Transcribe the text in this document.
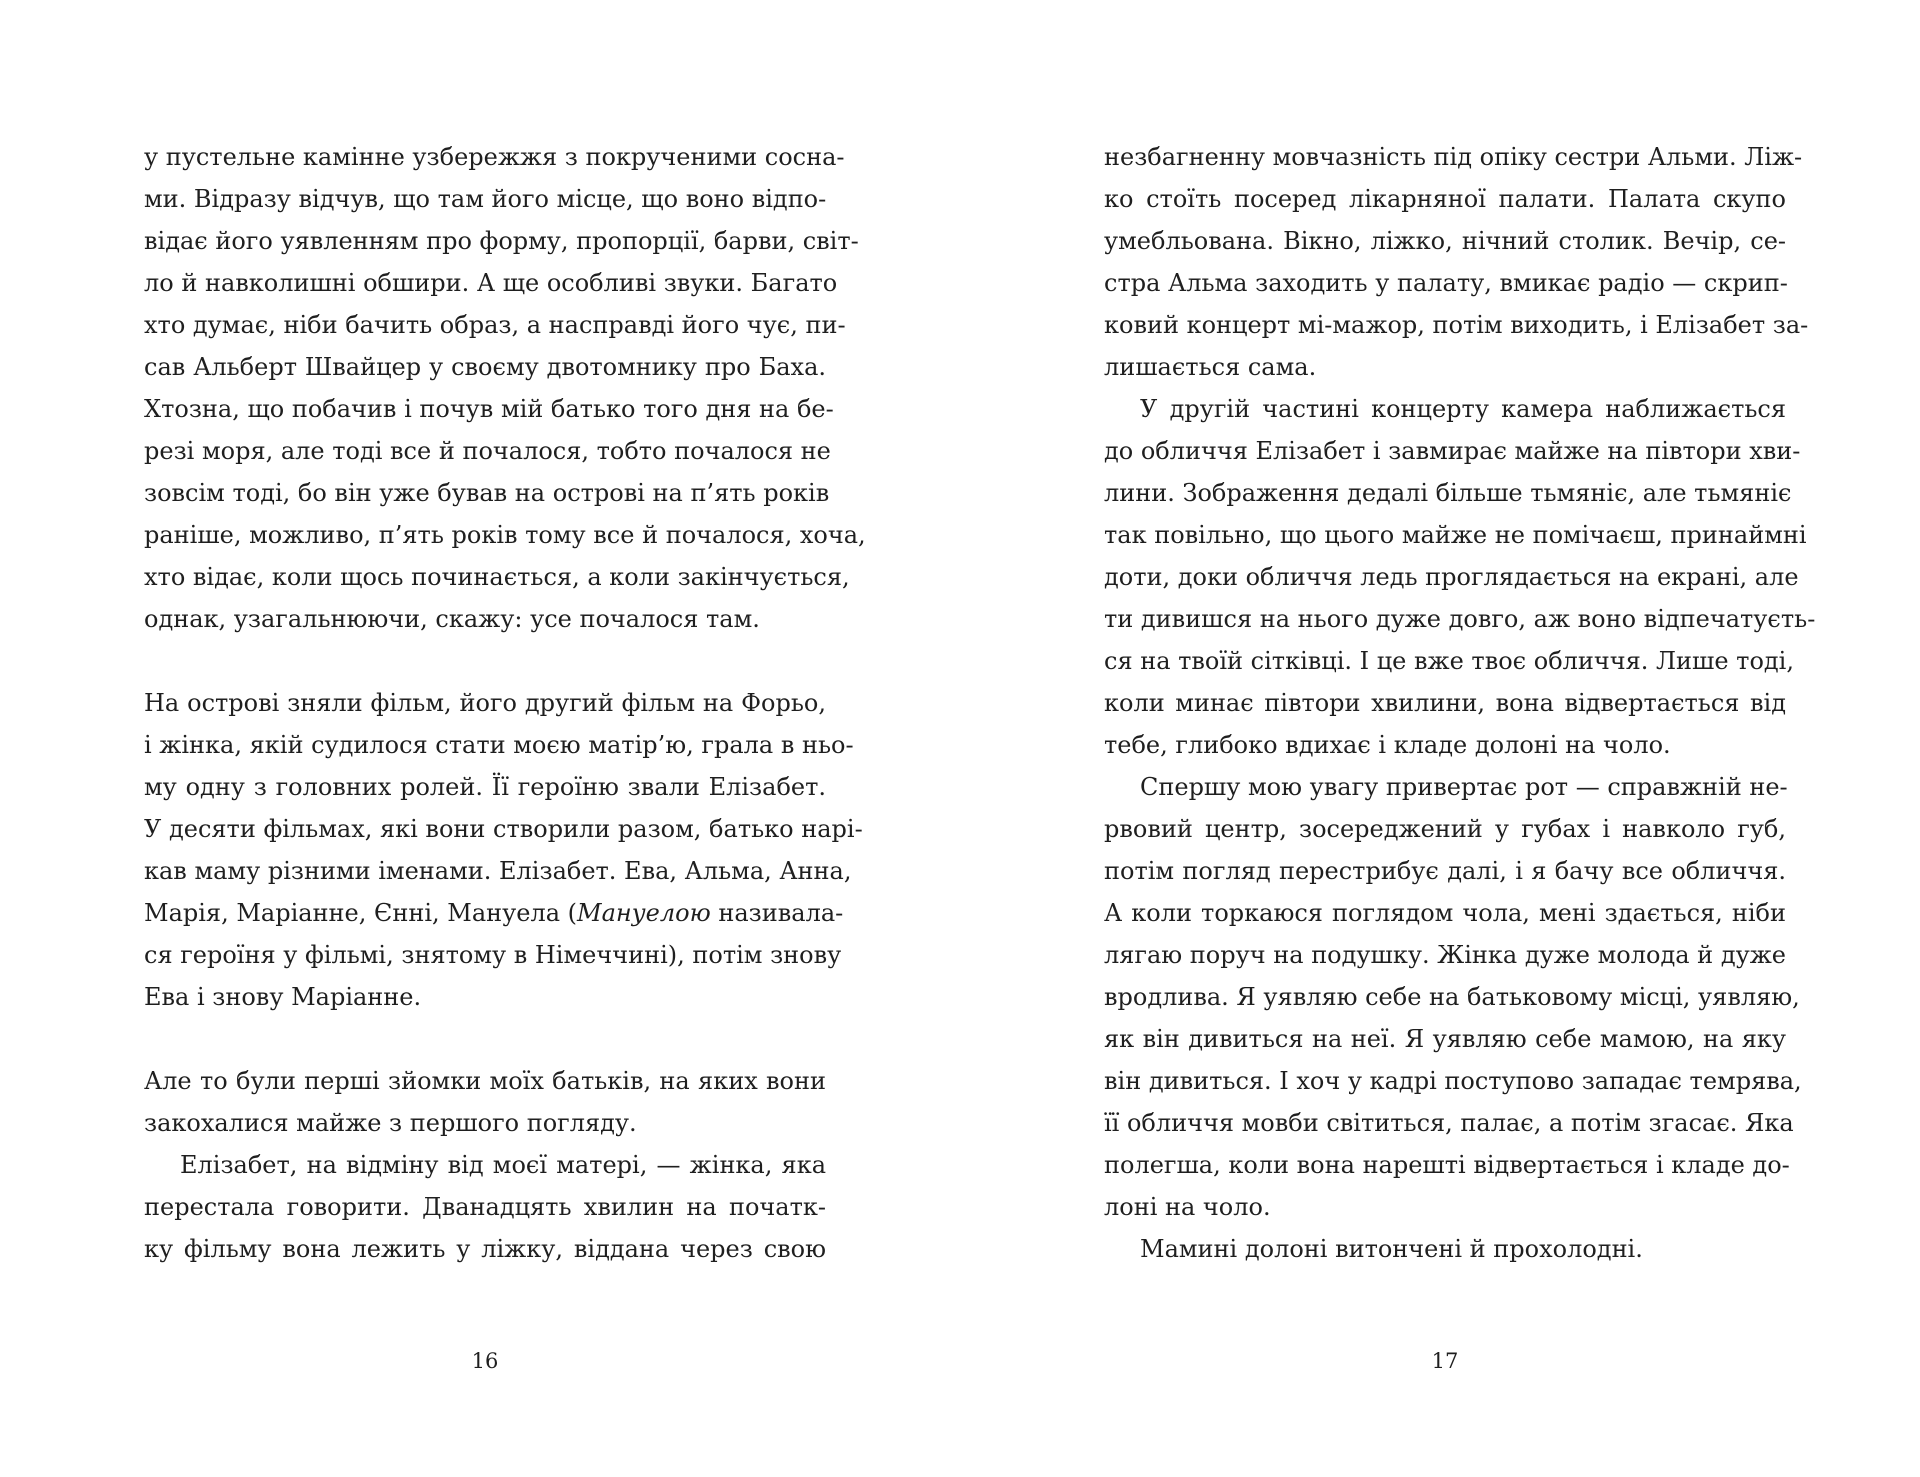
у пустельне камінне узбережжя з покрученими сосна-
ми. Відразу відчув, що там його місце, що воно відпо-
відає його уявленням про форму, пропорції, барви, світ-
ло й навколишні обшири. А ще особливі звуки. Багато
хто думає, ніби бачить образ, а насправді його чує, пи-
сав Альберт Швайцер у своєму двотомнику про Баха.
Хтозна, що побачив і почув мій батько того дня на бе-
резі моря, але тоді все й почалося, тобто почалося не
зовсім тоді, бо він уже бував на острові на п’ять років
раніше, можливо, п’ять років тому все й почалося, хоча,
хто відає, коли щось починається, а коли закінчується,
однак, узагальнюючи, скажу: усе почалося там.
На острові зняли фільм, його другий фільм на Форьо,
і жінка, якій судилося стати моєю матір’ю, грала в ньо-
му одну з головних ролей. Її героїню звали Елізабет.
У десяти фільмах, які вони створили разом, батько нарі-
кав маму різними іменами. Елізабет. Ева, Альма, Анна,
Марія, Маріанне, Єнні, Мануела (Мануелою називала-
ся героїня у фільмі, знятому в Німеччині), потім знову
Ева і знову Маріанне.
Але то були перші зйомки моїх батьків, на яких вони
закохалися майже з першого погляду.
Елізабет, на відміну від моєї матері, — жінка, яка
перестала говорити. Дванадцять хвилин на початк-
ку фільму вона лежить у ліжку, віддана через свою
16
незбагненну мовчазність під опіку сестри Альми. Ліж-
ко стоїть посеред лікарняної палати. Палата скупо
умебльована. Вікно, ліжко, нічний столик. Вечір, се-
стра Альма заходить у палату, вмикає радіо — скрип-
ковий концерт мі-мажор, потім виходить, і Елізабет за-
лишається сама.
У другій частині концерту камера наближається
до обличчя Елізабет і завмирає майже на півтори хви-
лини. Зображення дедалі більше тьмяніє, але тьмяніє
так повільно, що цього майже не помічаєш, принаймні
доти, доки обличчя ледь проглядається на екрані, але
ти дивишся на нього дуже довго, аж воно відпечатуєть-
ся на твоїй сітківці. І це вже твоє обличчя. Лише тоді,
коли минає півтори хвилини, вона відвертається від
тебе, глибоко вдихає і кладе долоні на чоло.
Спершу мою увагу привертає рот — справжній не-
рвовий центр, зосереджений у губах і навколо губ,
потім погляд перестрибує далі, і я бачу все обличчя.
А коли торкаюся поглядом чола, мені здається, ніби
лягаю поруч на подушку. Жінка дуже молода й дуже
вродлива. Я уявляю себе на батьковому місці, уявляю,
як він дивиться на неї. Я уявляю себе мамою, на яку
він дивиться. І хоч у кадрі поступово западає темрява,
її обличчя мовби світиться, палає, а потім згасає. Яка
полегша, коли вона нарешті відвертається і кладе до-
лоні на чоло.
Мамині долоні витончені й прохолодні.
17
